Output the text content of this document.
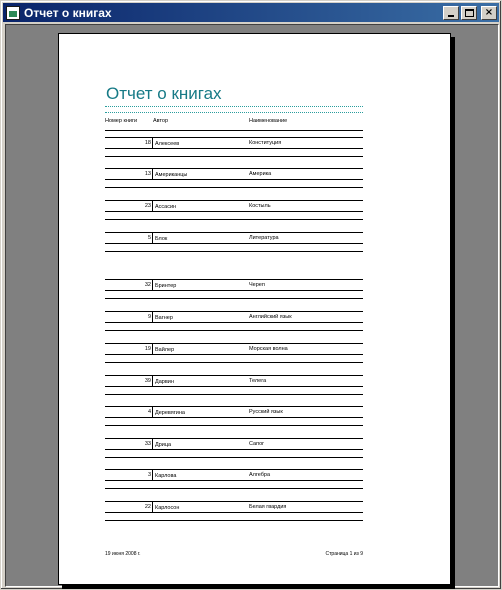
Отчет о книгах	×
Отчет о книгах
Номер книги	Автор	Наименование
18 Алексеев	Конституция
13 Американцы	Америка
23 Ассасин	Костыль
5 Блок	Литература
32 Бринтер	Череп
9 Вагнер	Английский язык
19 Вайлер	Морская волна
39 Дарвин	Телега
4 Деревягина	Русский язык
33 Дрица	Сапог
3 Карлова	Алгебра
22 Карлосон	Белая гвардия
19 июня 2008 г.	Страница 1 из 9
